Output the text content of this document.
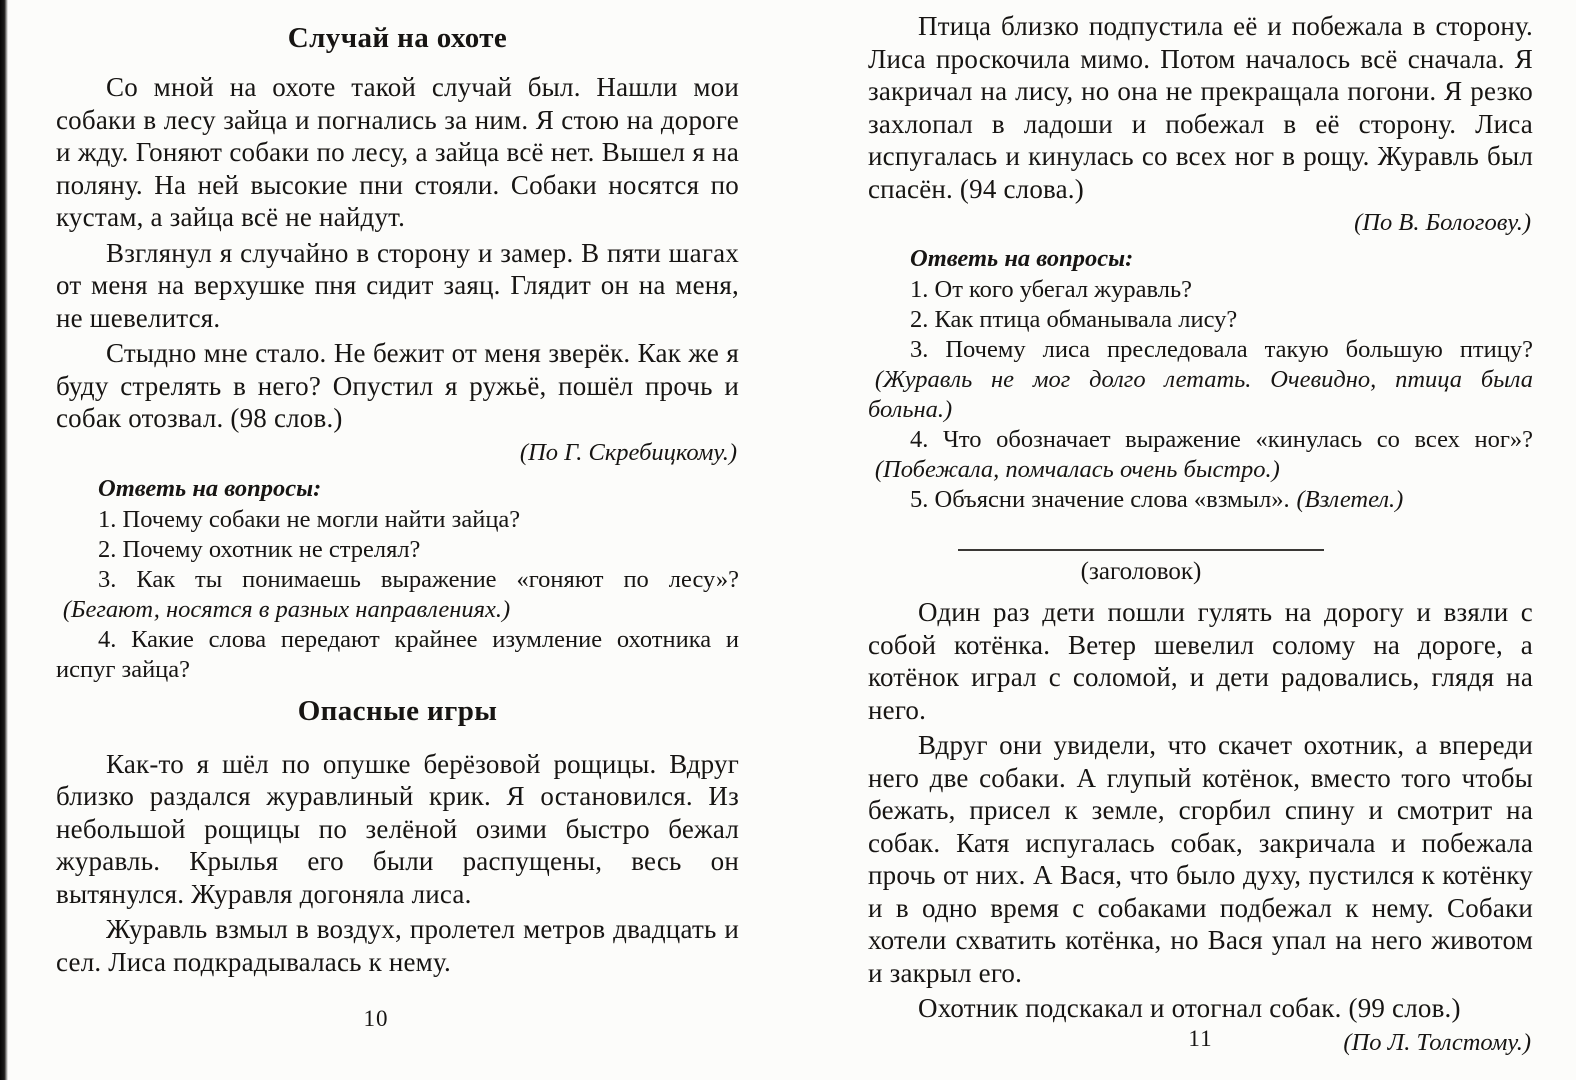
Случай на охоте

Со мной на охоте такой случай был. Нашли мои собаки в лесу зайца и погнались за ним. Я стою на дороге и жду. Гоняют собаки по лесу, а зайца всё нет. Вышел я на поляну. На ней высокие пни стояли. Собаки носятся по кустам, а зайца всё не найдут.

Взглянул я случайно в сторону и замер. В пяти шагах от меня на верхушке пня сидит заяц. Глядит он на меня, не шевелится.

Стыдно мне стало. Не бежит от меня зверёк. Как же я буду стрелять в него? Опустил я ружьё, пошёл прочь и собак отозвал. (98 слов.)

(По Г. Скребицкому.)

Ответь на вопросы:

1. Почему собаки не могли найти зайца?

2. Почему охотник не стрелял?

3. Как ты понимаешь выражение «гоняют по лесу»?(Бегают, носятся в разных направлениях.)

4. Какие слова передают крайнее изумление охотника и испуг зайца?

Опасные игры

Как-то я шёл по опушке берёзовой рощицы. Вдруг близко раздался журавлиный крик. Я остановился. Из небольшой рощицы по зелёной озими быстро бежал журавль. Крылья его были распущены, весь он вытянулся. Журавля догоняла лиса.

Журавль взмыл в воздух, пролетел метров двадцать и сел. Лиса подкрадывалась к нему.

Птица близко подпустила её и побежала в сторону. Лиса проскочила мимо. Потом началось всё сначала. Я закричал на лису, но она не прекращала погони. Я резко захлопал в ладоши и побежал в её сторону. Лиса испугалась и кинулась со всех ног в рощу. Журавль был спасён. (94 слова.)

(По В. Бологову.)

Ответь на вопросы:

1. От кого убегал журавль?

2. Как птица обманывала лису?

3. Почему лиса преследовала такую большую птицу?(Журавль не мог долго летать. Очевидно, птица была больна.)

4. Что обозначает выражение «кинулась со всех ног»?(Побежала, помчалась очень быстро.)

5. Объясни значение слова «взмыл». (Взлетел.)

(заголовок)

Один раз дети пошли гулять на дорогу и взяли с собой котёнка. Ветер шевелил солому на дороге, а котёнок играл с соломой, и дети радовались, глядя на него.

Вдруг они увидели, что скачет охотник, а впереди него две собаки. А глупый котёнок, вместо того чтобы бежать, присел к земле, сгорбил спину и смотрит на собак. Катя испугалась собак, закричала и побежала прочь от них. А Вася, что было духу, пустился к котёнку и в одно время с собаками подбежал к нему. Собаки хотели схватить котёнка, но Вася упал на него животом и закрыл его.

Охотник подскакал и отогнал собак. (99 слов.)

(По Л. Толстому.)

10
11
